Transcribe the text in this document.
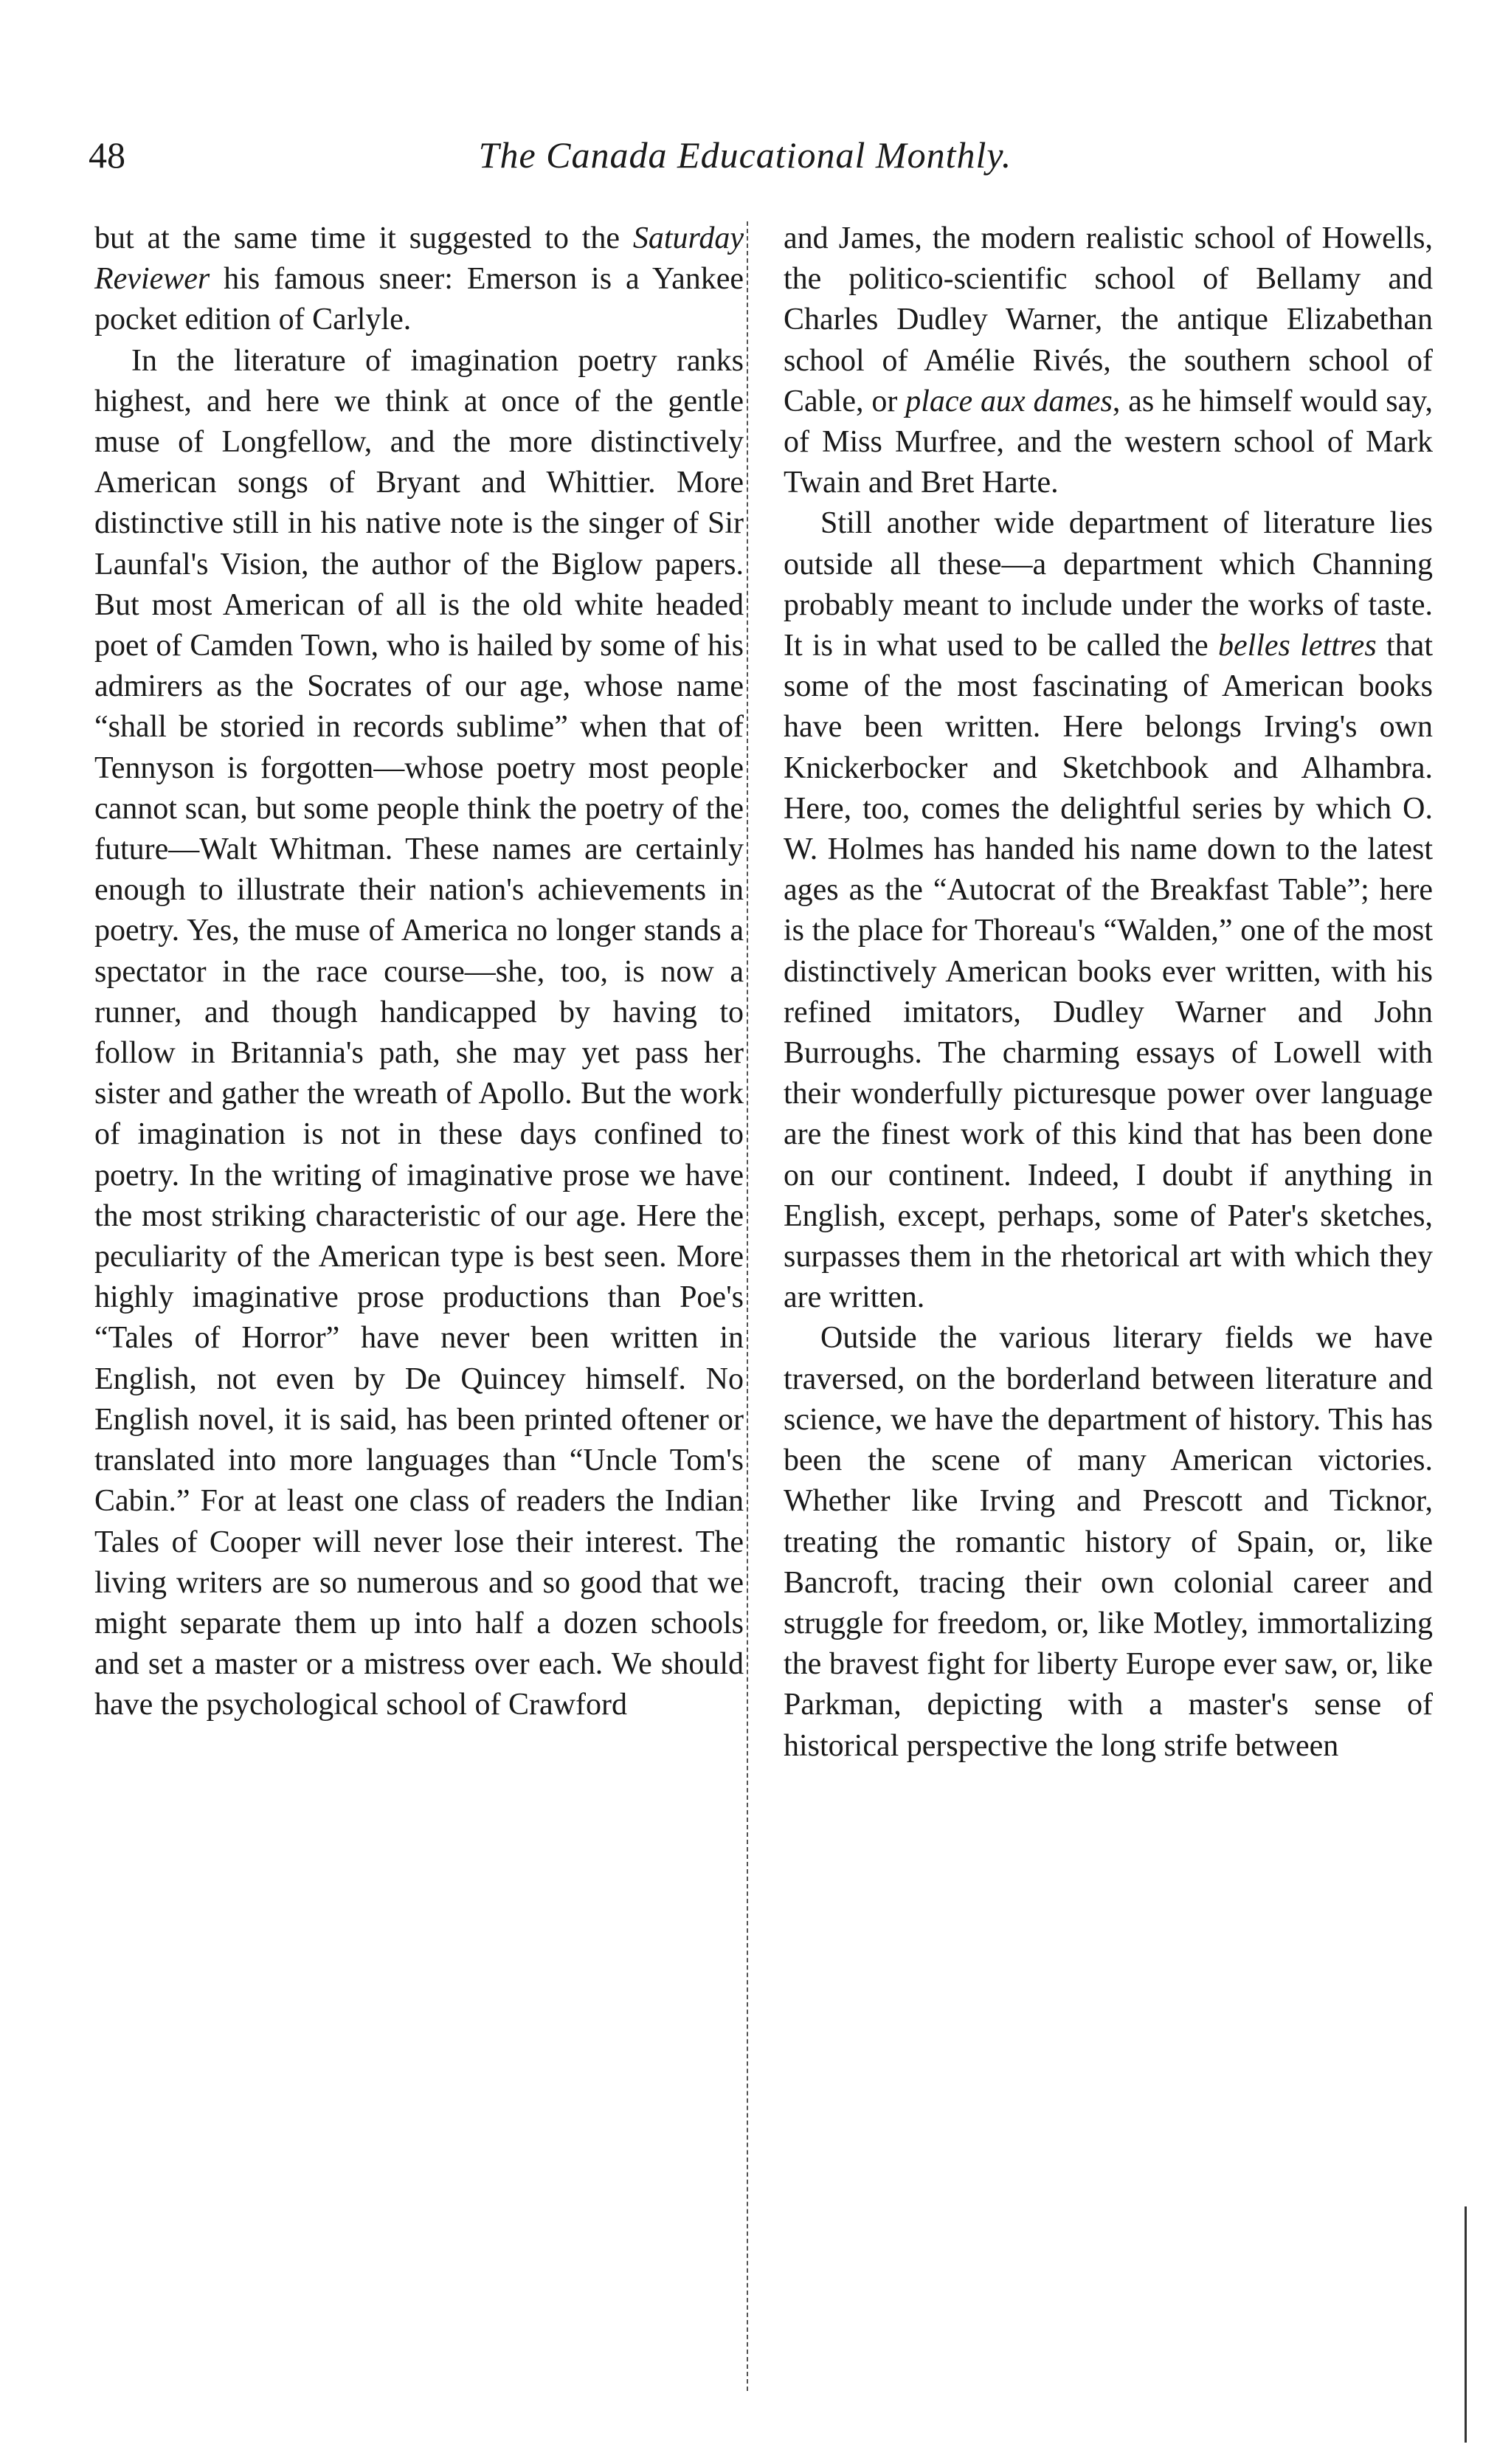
48	The Canada Educational Monthly.

but at the same time it suggested to the Saturday Reviewer his famous sneer: Emerson is a Yankee pocket edition of Carlyle.

In the literature of imagination poetry ranks highest, and here we think at once of the gentle muse of Longfellow, and the more distinctively American songs of Bryant and Whittier. More distinctive still in his native note is the singer of Sir Launfal's Vision, the author of the Biglow papers. But most American of all is the old white headed poet of Camden Town, who is hailed by some of his admirers as the Socrates of our age, whose name “shall be storied in records sublime” when that of Tennyson is forgotten—whose poetry most people cannot scan, but some people think the poetry of the future—Walt Whitman. These names are certainly enough to illustrate their nation's achievements in poetry. Yes, the muse of America no longer stands a spectator in the race course—she, too, is now a runner, and though handicapped by having to follow in Britannia's path, she may yet pass her sister and gather the wreath of Apollo. But the work of imagination is not in these days confined to poetry. In the writing of imaginative prose we have the most striking characteristic of our age. Here the peculiarity of the American type is best seen. More highly imaginative prose productions than Poe's “Tales of Horror” have never been written in English, not even by De Quincey himself. No English novel, it is said, has been printed oftener or translated into more languages than “Uncle Tom's Cabin.” For at least one class of readers the Indian Tales of Cooper will never lose their interest. The living writers are so numerous and so good that we might separate them up into half a dozen schools and set a master or a mistress over each. We should have the psychological school of Crawford

and James, the modern realistic school of Howells, the politico-scientific school of Bellamy and Charles Dudley Warner, the antique Elizabethan school of Amélie Rivés, the southern school of Cable, or place aux dames, as he himself would say, of Miss Murfree, and the western school of Mark Twain and Bret Harte.

Still another wide department of literature lies outside all these—a department which Channing probably meant to include under the works of taste. It is in what used to be called the belles lettres that some of the most fascinating of American books have been written. Here belongs Irving's own Knickerbocker and Sketchbook and Alhambra. Here, too, comes the delightful series by which O. W. Holmes has handed his name down to the latest ages as the “Autocrat of the Breakfast Table”; here is the place for Thoreau's “Walden,” one of the most distinctively American books ever written, with his refined imitators, Dudley Warner and John Burroughs. The charming essays of Lowell with their wonderfully picturesque power over language are the finest work of this kind that has been done on our continent. Indeed, I doubt if anything in English, except, perhaps, some of Pater's sketches, surpasses them in the rhetorical art with which they are written.

Outside the various literary fields we have traversed, on the borderland between literature and science, we have the department of history. This has been the scene of many American victories. Whether like Irving and Prescott and Ticknor, treating the romantic history of Spain, or, like Bancroft, tracing their own colonial career and struggle for freedom, or, like Motley, immortalizing the bravest fight for liberty Europe ever saw, or, like Parkman, depicting with a master's sense of historical perspective the long strife between
